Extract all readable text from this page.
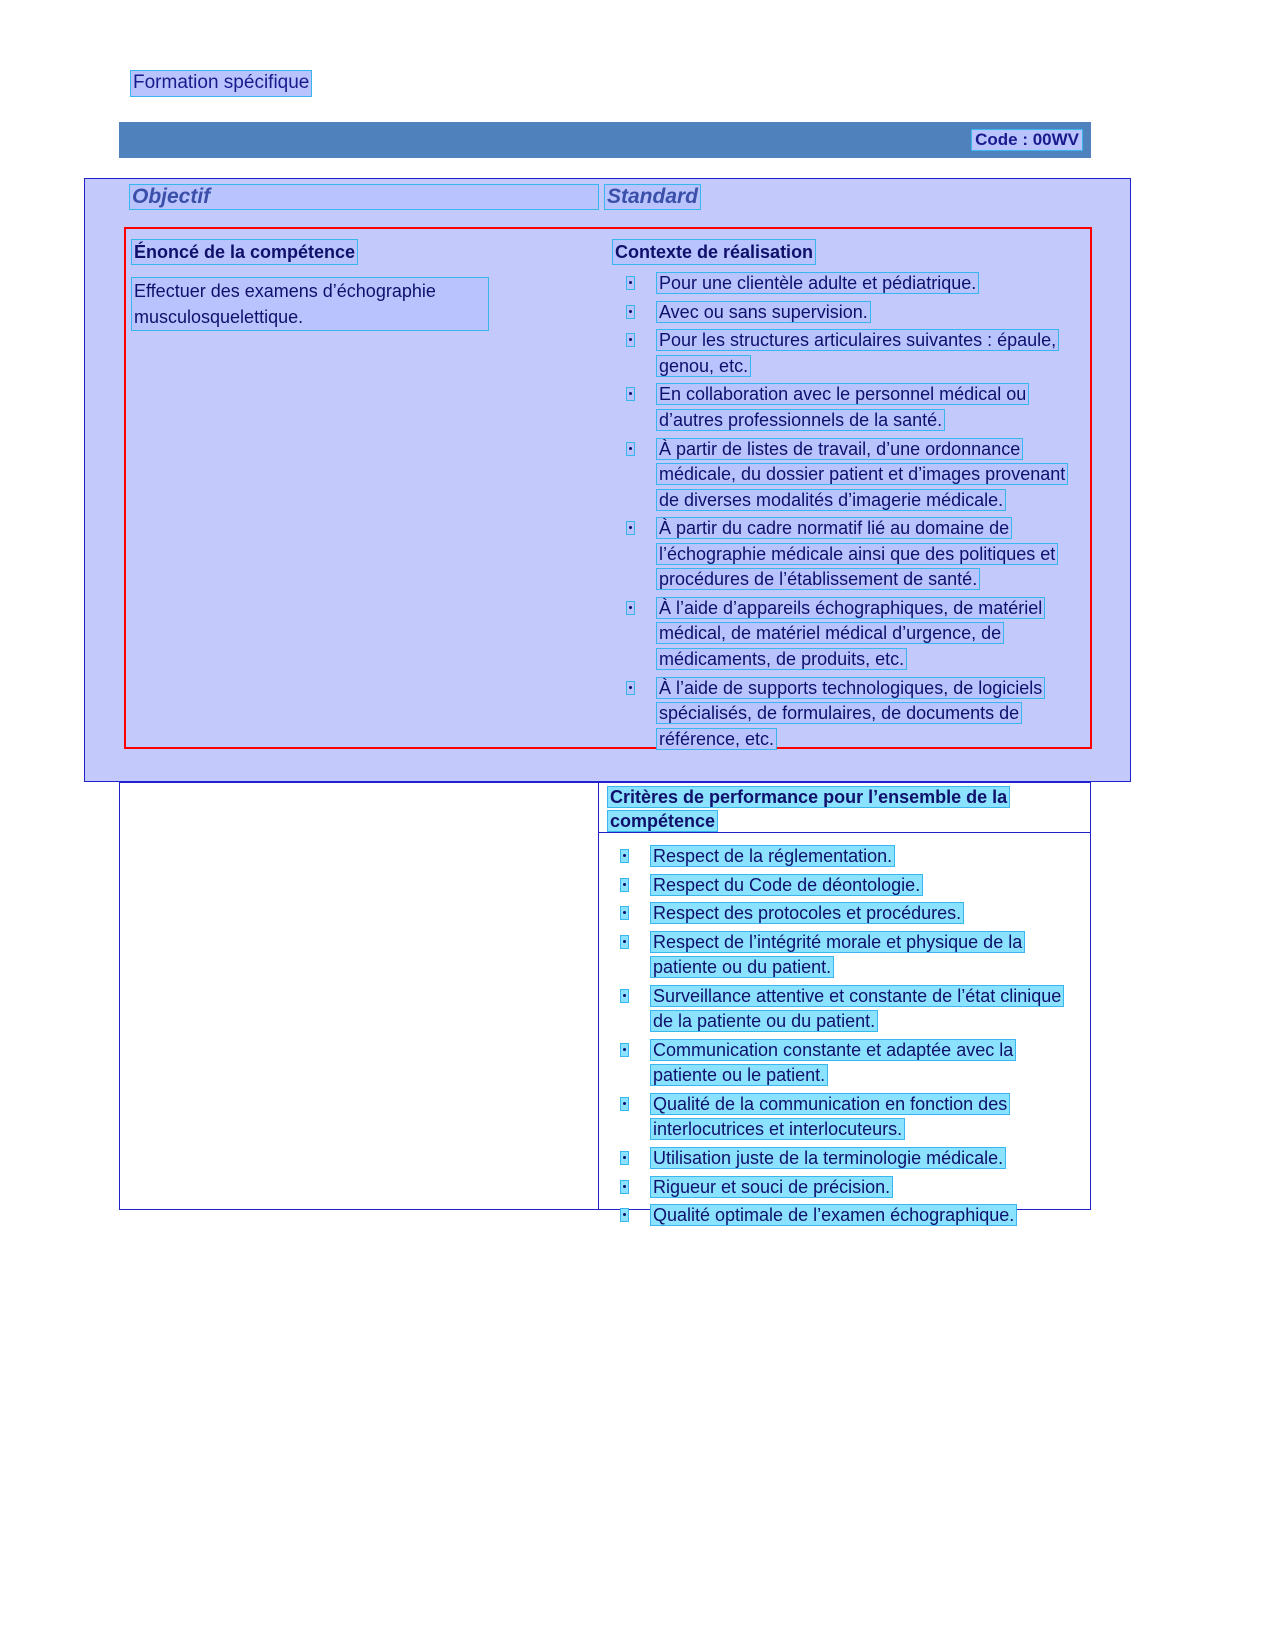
Formation spécifique
Code : 00WV
Objectif	Standard
Énoncé de la compétence
Effectuer des examens d’échographie musculosquelettique.
Contexte de réalisation
Pour une clientèle adulte et pédiatrique.
Avec ou sans supervision.
Pour les structures articulaires suivantes : épaule, genou, etc.
En collaboration avec le personnel médical ou d’autres professionnels de la santé.
À partir de listes de travail, d’une ordonnance médicale, du dossier patient et d’images provenant de diverses modalités d’imagerie médicale.
À partir du cadre normatif lié au domaine de l’échographie médicale ainsi que des politiques et procédures de l’établissement de santé.
À l’aide d’appareils échographiques, de matériel médical, de matériel médical d’urgence, de médicaments, de produits, etc.
À l’aide de supports technologiques, de logiciels spécialisés, de formulaires, de documents de référence, etc.
Critères de performance pour l’ensemble de la compétence
Respect de la réglementation.
Respect du Code de déontologie.
Respect des protocoles et procédures.
Respect de l’intégrité morale et physique de la patiente ou du patient.
Surveillance attentive et constante de l’état clinique de la patiente ou du patient.
Communication constante et adaptée avec la patiente ou le patient.
Qualité de la communication en fonction des interlocutrices et interlocuteurs.
Utilisation juste de la terminologie médicale.
Rigueur et souci de précision.
Qualité optimale de l’examen échographique.
